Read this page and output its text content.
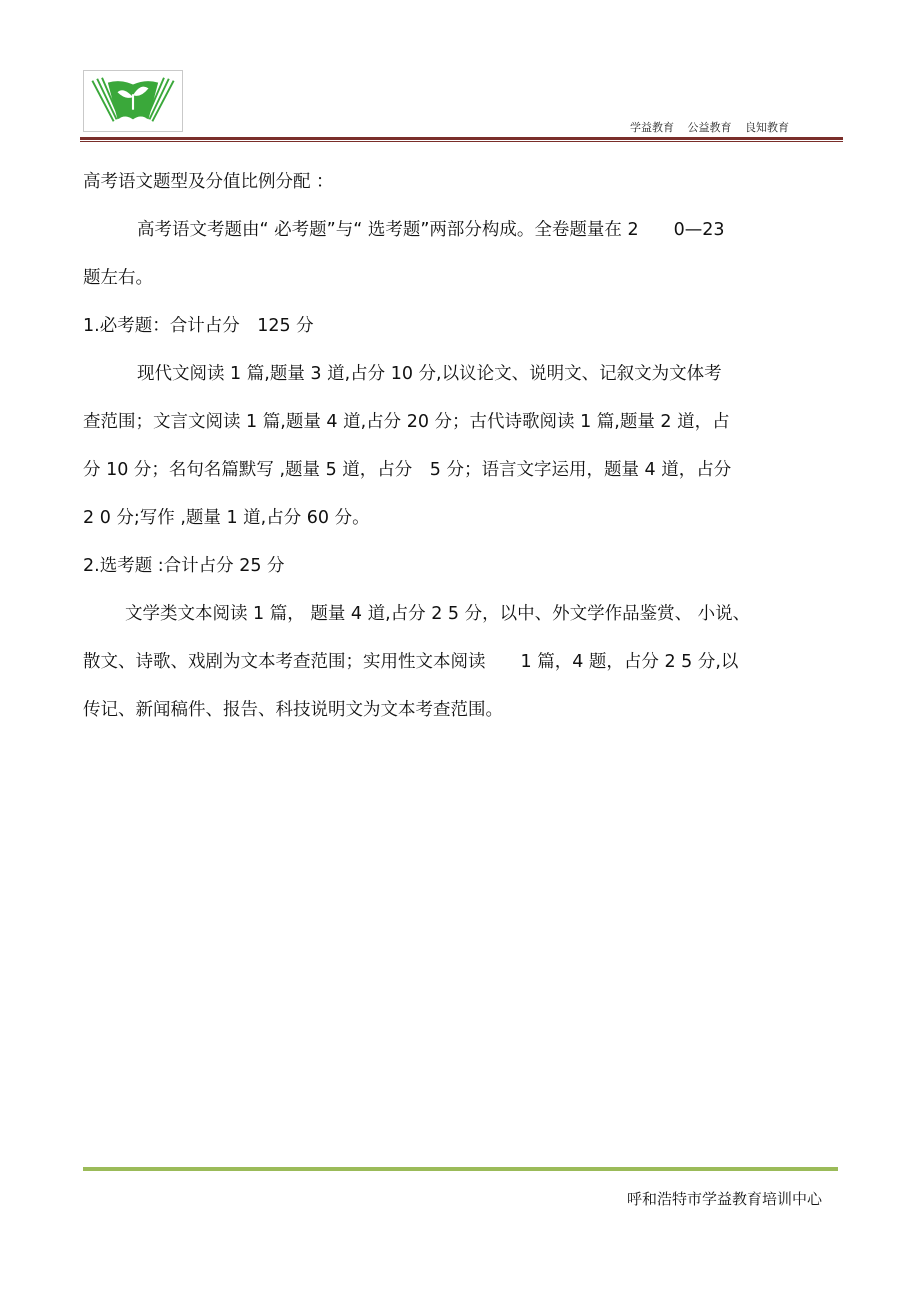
学益教育 公益教育 良知教育

高考语文题型及分值比例分配 ：

高考语文考题由“ 必考题”与“ 选考题”两部分构成。全卷题量在 2　　0—23

题左右。

1.必考题：合计占分　125 分

现代文阅读 1 篇,题量 3 道,占分 10 分,以议论文、说明文、记叙文为文体考

查范围；文言文阅读 1 篇,题量 4 道,占分 20 分；古代诗歌阅读 1 篇,题量 2 道，占

分 10 分；名句名篇默写 ,题量 5 道，占分　5 分；语言文字运用，题量 4 道，占分

2 0 分;写作 ,题量 1 道,占分 60 分。

2.选考题 :合计占分 25 分

文学类文本阅读 1 篇， 题量 4 道,占分 2 5 分，以中、外文学作品鉴赏、 小说、

散文、诗歌、戏剧为文本考查范围；实用性文本阅读　　1 篇，4 题，占分 2 5 分,以

传记、新闻稿件、报告、科技说明文为文本考查范围。

呼和浩特市学益教育培训中心
